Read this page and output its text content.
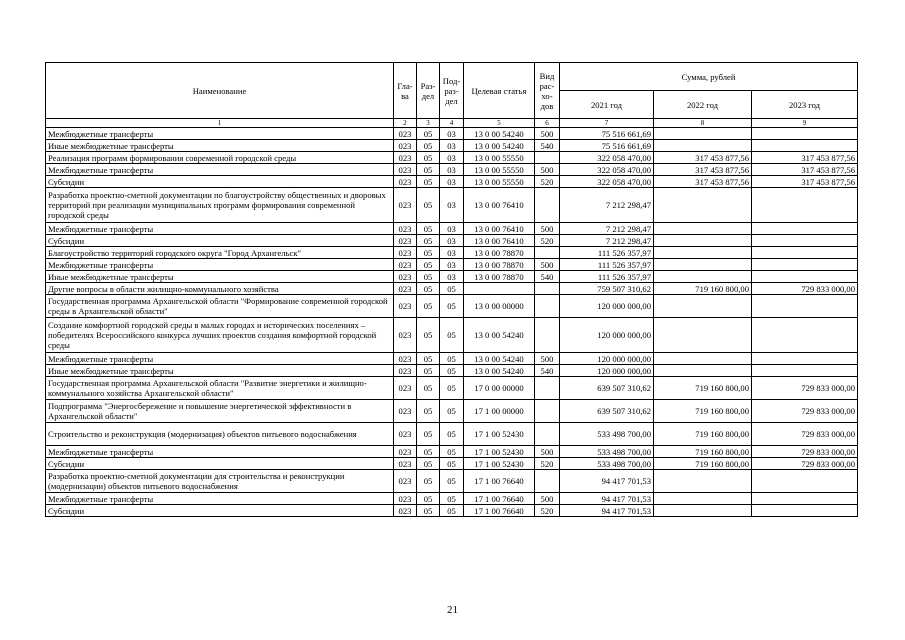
Наименование	Гла-ва	Раз-дел	Под-раз-дел	Целевая статья	Вид рас-хо-дов	Сумма, рублей		
						2021 год	2022 год	2023 год
1	2	3	4	5	6	7	8	9
Межбюджетные трансферты	023	05	03	13 0 00 54240	500	75 516 661,69		
Иные межбюджетные трансферты	023	05	03	13 0 00 54240	540	75 516 661,69		
Реализация программ формирования современной городской среды	023	05	03	13 0 00 55550		322 058 470,00	317 453 877,56	317 453 877,56
Межбюджетные трансферты	023	05	03	13 0 00 55550	500	322 058 470,00	317 453 877,56	317 453 877,56
Субсидии	023	05	03	13 0 00 55550	520	322 058 470,00	317 453 877,56	317 453 877,56
Разработка проектно-сметной документации по благоустройству общественных и дворовых территорий при реализации муниципальных программ формирования современной городской среды	023	05	03	13 0 00 76410		7 212 298,47		
Межбюджетные трансферты	023	05	03	13 0 00 76410	500	7 212 298,47		
Субсидии	023	05	03	13 0 00 76410	520	7 212 298,47		
Благоустройство территорий городского округа "Город Архангельск"	023	05	03	13 0 00 78870		111 526 357,97		
Межбюджетные трансферты	023	05	03	13 0 00 78870	500	111 526 357,97		
Иные межбюджетные трансферты	023	05	03	13 0 00 78870	540	111 526 357,97		
Другие вопросы в области жилищно-коммунального хозяйства	023	05	05			759 507 310,62	719 160 800,00	729 833 000,00
Государственная программа Архангельской области "Формирование современной городской среды в Архангельской области"	023	05	05	13 0 00 00000		120 000 000,00		
Создание комфортной городской среды в малых городах и исторических поселениях – победителях Всероссийского конкурса лучших проектов создания комфортной городской среды	023	05	05	13 0 00 54240		120 000 000,00		
Межбюджетные трансферты	023	05	05	13 0 00 54240	500	120 000 000,00		
Иные межбюджетные трансферты	023	05	05	13 0 00 54240	540	120 000 000,00		
Государственная программа Архангельской области "Развитие энергетики и жилищно-коммунального хозяйства Архангельской области"	023	05	05	17 0 00 00000		639 507 310,62	719 160 800,00	729 833 000,00
Подпрограмма "Энергосбережение и повышение энергетической эффективности в Архангельской области"	023	05	05	17 1 00 00000		639 507 310,62	719 160 800,00	729 833 000,00
Строительство и реконструкция (модернизация) объектов питьевого водоснабжения	023	05	05	17 1 00 52430		533 498 700,00	719 160 800,00	729 833 000,00
Межбюджетные трансферты	023	05	05	17 1 00 52430	500	533 498 700,00	719 160 800,00	729 833 000,00
Субсидии	023	05	05	17 1 00 52430	520	533 498 700,00	719 160 800,00	729 833 000,00
Разработка проектно-сметной документации для строительства и реконструкции (модернизации) объектов питьевого водоснабжения	023	05	05	17 1 00 76640		94 417 701,53		
Межбюджетные трансферты	023	05	05	17 1 00 76640	500	94 417 701,53		
Субсидии	023	05	05	17 1 00 76640	520	94 417 701,53		
21
